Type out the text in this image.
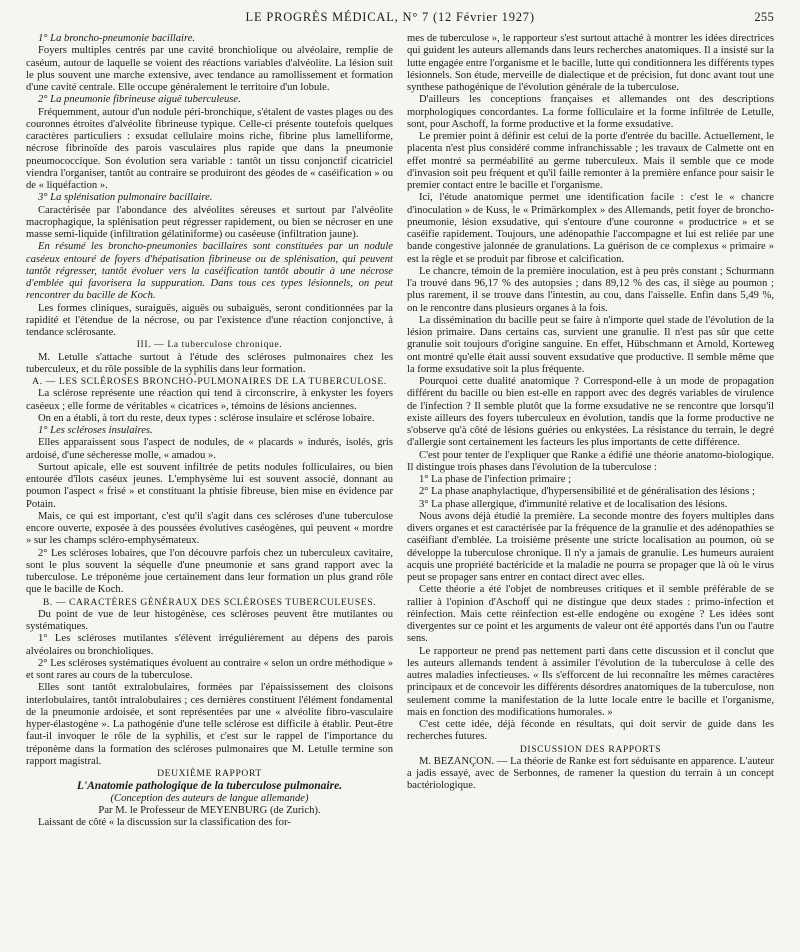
LE PROGRÈS MÉDICAL, N° 7 (12 Février 1927)	255

1° La broncho-pneumonie bacillaire.

Foyers multiples centrés par une cavité bronchiolique ou alvéolaire, remplie de caséum, autour de laquelle se voient des réactions variables d'alvéolite. La lésion suit le plus souvent une marche extensive, avec tendance au ramollissement et formation d'une cavité centrale. Elle occupe généralement le territoire d'un lobule.

2° La pneumonie fibrineuse aiguë tuberculeuse.

Fréquemment, autour d'un nodule péri-bronchique, s'étalent de vastes plages ou des couronnes étroites d'alvéolite fibrineuse typique. Celle-ci présente toutefois quelques caractères particuliers : exsudat cellulaire moins riche, fibrine plus lamelliforme, nécrose fibrinoïde des parois vasculaires plus rapide que dans la pneumonie pneumococcique. Son évolution sera variable : tantôt un tissu conjonctif cicatriciel viendra l'organiser, tantôt au contraire se produiront des géodes de « caséification » ou de « liquéfaction ».

3° La splénisation pulmonaire bacillaire.

Caractérisée par l'abondance des alvéolites séreuses et surtout par l'alvéolite macrophagique, la splénisation peut régresser rapidement, ou bien se nécroser en une masse semi-liquide (infiltration gélatiniforme) ou caséeuse (infiltration jaune).

En résumé les broncho-pneumonies bacillaires sont constituées par un nodule caséeux entouré de foyers d'hépatisation fibrineuse ou de splénisation, qui peuvent tantôt régresser, tantôt évoluer vers la caséification tantôt aboutir à une nécrose d'emblée qui favorisera la suppuration. Dans tous ces types lésionnels, on peut rencontrer du bacille de Koch.

Les formes cliniques, suraiguës, aiguës ou subaiguës, seront conditionnées par la rapidité et l'étendue de la nécrose, ou par l'existence d'une réaction conjonctive, à tendance sclérosante.

III. — La tuberculose chronique.

M. Letulle s'attache surtout à l'étude des scléroses pulmonaires chez les tuberculeux, et du rôle possible de la syphilis dans leur formation.

A. — LES SCLÉROSES BRONCHO-PULMONAIRES DE LA TUBERCULOSE.

La sclérose représente une réaction qui tend à circonscrire, à enkyster les foyers caséeux ; elle forme de véritables « cicatrices », témoins de lésions anciennes.

On en a établi, à tort du reste, deux types : sclérose insulaire et sclérose lobaire.

1° Les scléroses insulaires.

Elles apparaissent sous l'aspect de nodules, de « placards » indurés, isolés, gris ardoisé, d'une sécheresse molle, « amadou ».

Surtout apicale, elle est souvent infiltrée de petits nodules folliculaires, ou bien entourée d'îlots caséux jeunes. L'emphysème lui est souvent associé, donnant au poumon l'aspect « frisé » et constituant la phtisie fibreuse, bien mise en évidence par Potain.

Mais, ce qui est important, c'est qu'il s'agit dans ces scléroses d'une tuberculose encore ouverte, exposée à des poussées évolutives caséogènes, qui peuvent « mordre » sur les champs scléro-emphysémateux.

2° Les scléroses lobaires, que l'on découvre parfois chez un tuberculeux cavitaire, sont le plus souvent la séquelle d'une pneumonie et sans grand rapport avec la tuberculose. Le tréponème joue certainement dans leur formation un plus grand rôle que le bacille de Koch.

B. — CARACTÈRES GÉNÉRAUX DES SCLÉROSES TUBERCULEUSES.

Du point de vue de leur histogénèse, ces scléroses peuvent être mutilantes ou systématiques.

1° Les scléroses mutilantes s'élèvent irrégulièrement au dépens des parois alvéolaires ou bronchioliques.

2° Les scléroses systématiques évoluent au contraire « selon un ordre méthodique » et sont rares au cours de la tuberculose.

Elles sont tantôt extralobulaires, formées par l'épaississement des cloisons interlobulaires, tantôt intralobulaires ; ces dernières constituent l'élément fondamental de la pneumonie ardoisée, et sont représentées par une « alvéolite fibro-vasculaire hyper-élastogène ». La pathogénie d'une telle sclérose est difficile à établir. Peut-être faut-il invoquer le rôle de la syphilis, et c'est sur le rappel de l'importance du tréponème dans la formation des scléroses pulmonaires que M. Letulle termine son rapport magistral.

DEUXIÈME RAPPORT

L'Anatomie pathologique de la tuberculose pulmonaire.

(Conception des auteurs de langue allemande)

Par M. le Professeur de MEYENBURG (de Zurich).

Laissant de côté « la discussion sur la classification des for-

mes de tuberculose », le rapporteur s'est surtout attaché à montrer les idées directrices qui guident les auteurs allemands dans leurs recherches anatomiques. Il a insisté sur la lutte engagée entre l'organisme et le bacille, lutte qui conditionnera les différents types lésionnels. Son étude, merveille de dialectique et de précision, fut donc avant tout une synthese pathogénique de l'évolution générale de la tuberculose.

D'ailleurs les conceptions françaises et allemandes ont des descriptions morphologiques concordantes. La forme folliculaire et la forme infiltrée de Letulle, sont, pour Aschoff, la forme productive et la forme exsudative.

Le premier point à définir est celui de la porte d'entrée du bacille. Actuellement, le placenta n'est plus considéré comme infranchissable ; les travaux de Calmette ont en effet montré sa perméabilité au germe tuberculeux. Mais il semble que ce mode d'invasion soit peu fréquent et qu'il faille remonter à la première enfance pour saisir le premier contact entre le bacille et l'organisme.

Ici, l'étude anatomique permet une identification facile : c'est le « chancre d'inoculation » de Kuss, le « Primärkomplex » des Allemands, petit foyer de broncho-pneumonie, lésion exsudative, qui s'entoure d'une couronne « productrice » et se caséifie rapidement. Toujours, une adénopathie l'accompagne et lui est reliée par une bande congestive jalonnée de granulations. La guérison de ce complexus « primaire » est la règle et se produit par fibrose et calcification.

Le chancre, témoin de la première inoculation, est à peu près constant ; Schurmann l'a trouvé dans 96,17 % des autopsies ; dans 89,12 % des cas, il siège au poumon ; plus rarement, il se trouve dans l'intestin, au cou, dans l'aisselle. Enfin dans 5,49 %, on le rencontre dans plusieurs organes à la fois.

La dissémination du bacille peut se faire à n'importe quel stade de l'évolution de la lésion primaire. Dans certains cas, survient une granulie. Il n'est pas sûr que cette granulie soit toujours d'origine sanguine. En effet, Hübschmann et Arnold, Korteweg ont montré qu'elle était aussi souvent exsudative que productive. Il semble même que la forme exsudative soit la plus fréquente.

Pourquoi cette dualité anatomique ? Correspond-elle à un mode de propagation différent du bacille ou bien est-elle en rapport avec des degrés variables de virulence de l'infection ? Il semble plutôt que la forme exsudative ne se rencontre que lorsqu'il existe ailleurs des foyers tuberculeux en évolution, tandis que la forme productive ne s'observe qu'à côté de lésions guéries ou enkystées. La résistance du terrain, le degré d'allergie sont certainement les facteurs les plus importants de cette différence.

C'est pour tenter de l'expliquer que Ranke a édifié une théorie anatomo-biologique. Il distingue trois phases dans l'évolution de la tuberculose :

1° La phase de l'infection primaire ;

2° La phase anaphylactique, d'hypersensibilité et de généralisation des lésions ;

3° La phase allergique, d'immunité relative et de localisation des lésions.

Nous avons déjà étudié la première. La seconde montre des foyers multiples dans divers organes et est caractérisée par la fréquence de la granulie et des adénopathies se caséifiant d'emblée. La troisième présente une stricte localisation au poumon, où se développe la tuberculose chronique. Il n'y a jamais de granulie. Les humeurs auraient acquis une propriété bactéricide et la maladie ne pourra se propager que là où le virus peut se propager sans entrer en contact direct avec elles.

Cette théorie a été l'objet de nombreuses critiques et il semble préférable de se rallier à l'opinion d'Aschoff qui ne distingue que deux stades : primo-infection et réinfection. Mais cette réinfection est-elle endogène ou exogène ? Les idées sont divergentes sur ce point et les arguments de valeur ont été apportés dans l'un ou l'autre sens.

Le rapporteur ne prend pas nettement parti dans cette discussion et il conclut que les auteurs allemands tendent à assimiler l'évolution de la tuberculose à celle des autres maladies infectieuses. « Ils s'efforcent de lui reconnaître les mêmes caractères principaux et de concevoir les différents désordres anatomiques de la tuberculose, non seulement comme la manifestation de la lutte locale entre le bacille et l'organisme, mais en fonction des modifications humorales. »

C'est cette idée, déjà féconde en résultats, qui doit servir de guide dans les recherches futures.

DISCUSSION DES RAPPORTS

M. BEZANÇON. — La théorie de Ranke est fort séduisante en apparence. L'auteur a jadis essayé, avec de Serbonnes, de ramener la question du terrain à un concept bactériologique.
